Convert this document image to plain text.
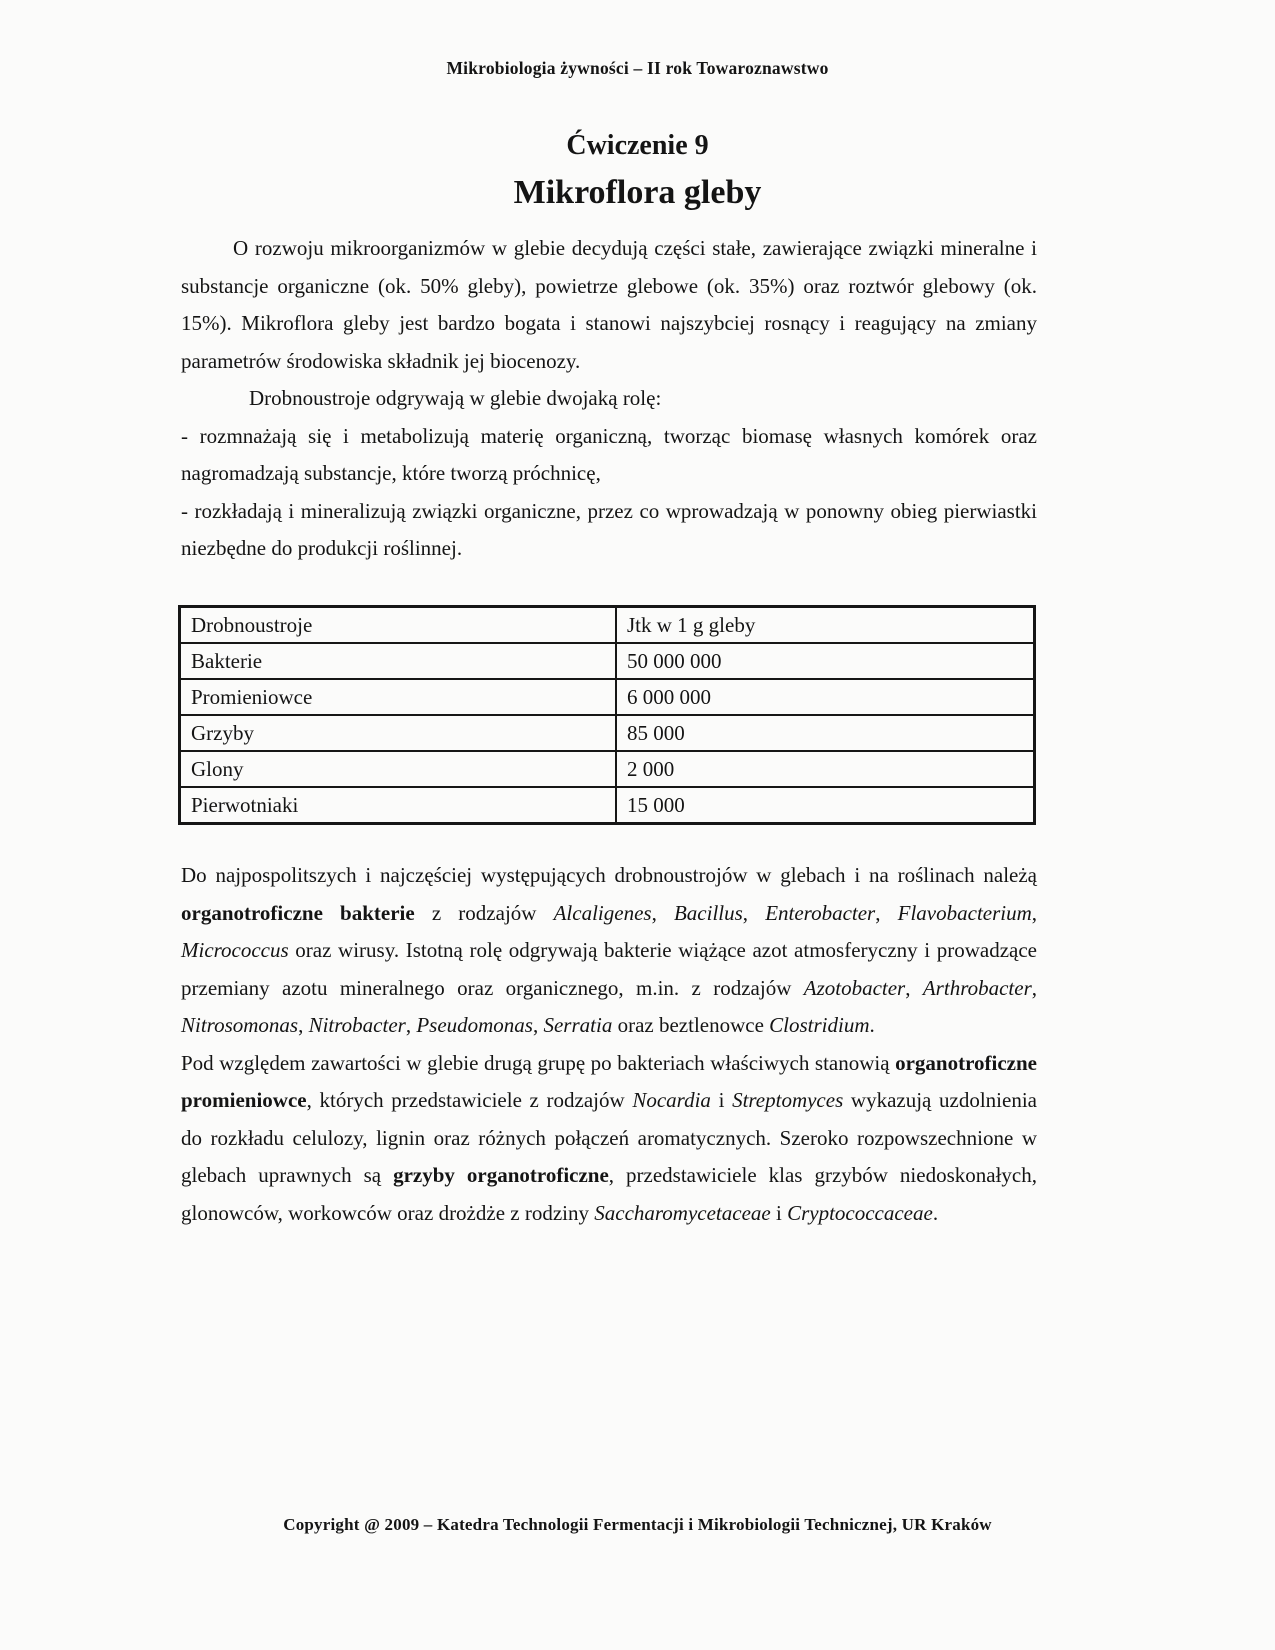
Mikrobiologia żywności – II rok Towaroznawstwo
Ćwiczenie 9
Mikroflora gleby
O rozwoju mikroorganizmów w glebie decydują części stałe, zawierające związki mineralne i substancje organiczne (ok. 50% gleby), powietrze glebowe (ok. 35%) oraz roztwór glebowy (ok. 15%). Mikroflora gleby jest bardzo bogata i stanowi najszybciej rosnący i reagujący na zmiany parametrów środowiska składnik jej biocenozy.
Drobnoustroje odgrywają w glebie dwojaką rolę:
- rozmnażają się i metabolizują materię organiczną, tworząc biomasę własnych komórek oraz nagromadzają substancje, które tworzą próchnicę,
- rozkładają i mineralizują związki organiczne, przez co wprowadzają w ponowny obieg pierwiastki niezbędne do produkcji roślinnej.
Drobnoustroje	Jtk w 1 g gleby
Bakterie	50 000 000
Promieniowce	6 000 000
Grzyby	85 000
Glony	2 000
Pierwotniaki	15 000
Do najpospolitszych i najczęściej występujących drobnoustrojów w glebach i na roślinach należą organotroficzne bakterie z rodzajów Alcaligenes, Bacillus, Enterobacter, Flavobacterium, Micrococcus oraz wirusy. Istotną rolę odgrywają bakterie wiążące azot atmosferyczny i prowadzące przemiany azotu mineralnego oraz organicznego, m.in. z rodzajów Azotobacter, Arthrobacter, Nitrosomonas, Nitrobacter, Pseudomonas, Serratia oraz beztlenowce Clostridium.
Pod względem zawartości w glebie drugą grupę po bakteriach właściwych stanowią organotroficzne promieniowce, których przedstawiciele z rodzajów Nocardia i Streptomyces wykazują uzdolnienia do rozkładu celulozy, lignin oraz różnych połączeń aromatycznych. Szeroko rozpowszechnione w glebach uprawnych są grzyby organotroficzne, przedstawiciele klas grzybów niedoskonałych, glonowców, workowców oraz drożdże z rodziny Saccharomycetaceae i Cryptococcaceae.
Copyright @ 2009 – Katedra Technologii Fermentacji i Mikrobiologii Technicznej, UR Kraków
